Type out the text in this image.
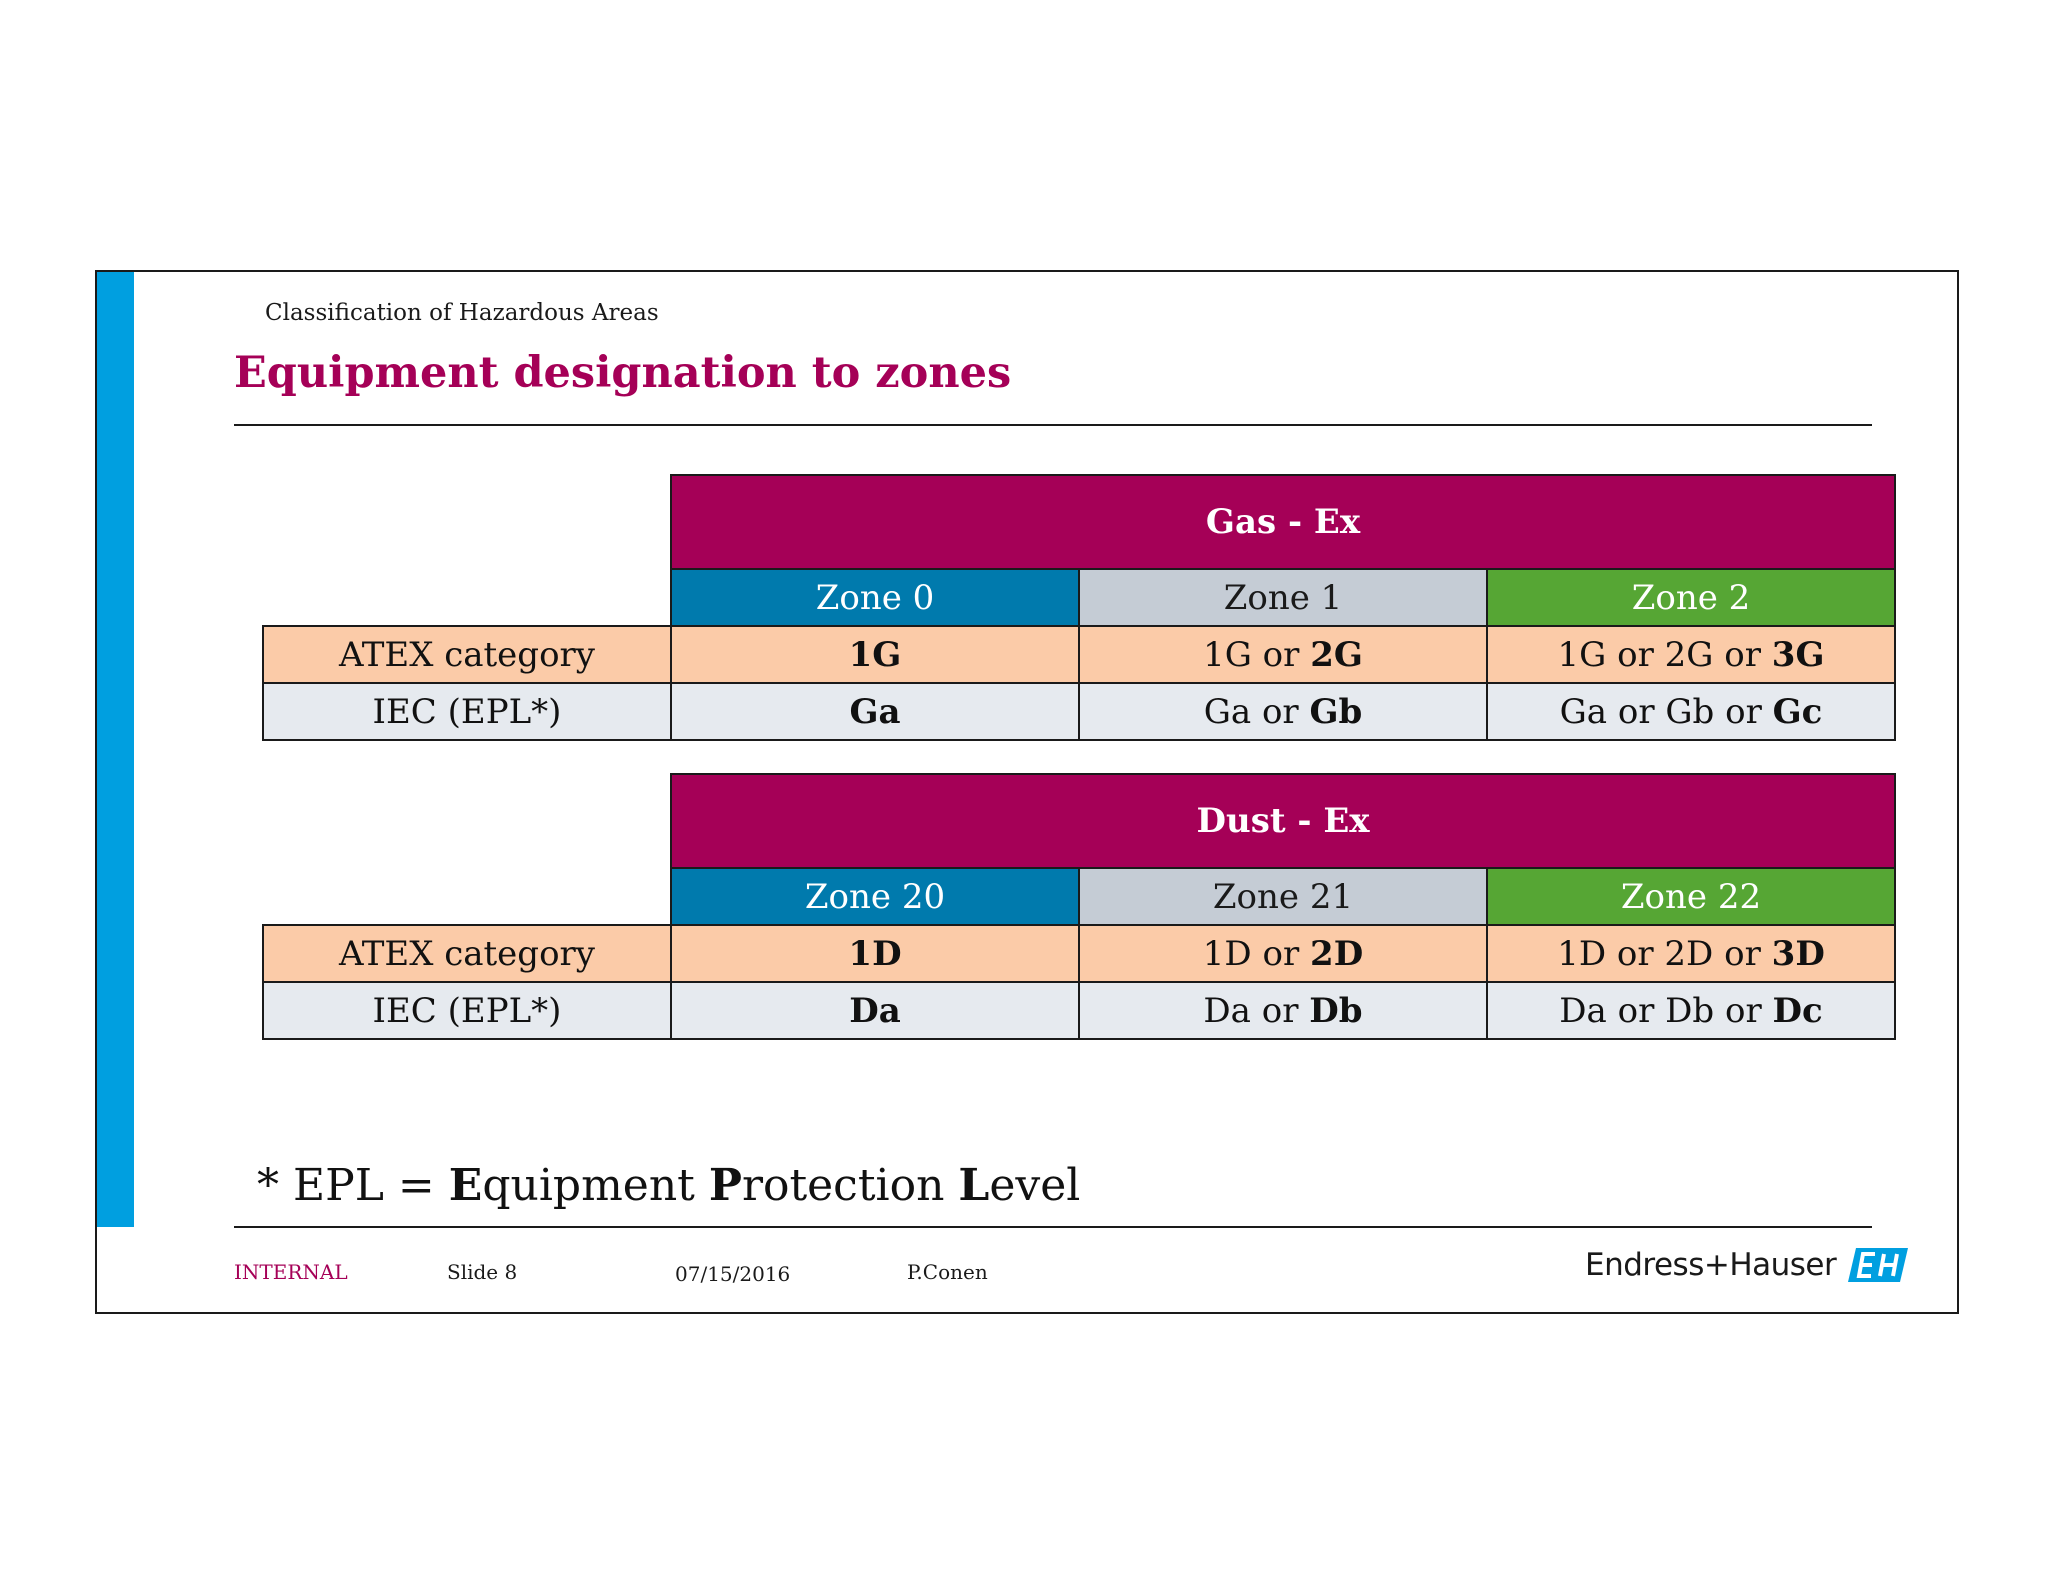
Classification of Hazardous Areas
Equipment designation to zones
	Gas - Ex		
	Zone 0	Zone 1	Zone 2
ATEX category	1G	1G or 2G	1G or 2G or 3G
IEC (EPL*)	Ga	Ga or Gb	Ga or Gb or Gc
	Dust - Ex		
	Zone 20	Zone 21	Zone 22
ATEX category	1D	1D or 2D	1D or 2D or 3D
IEC (EPL*)	Da	Da or Db	Da or Db or Dc
* EPL = Equipment Protection Level
INTERNAL	Slide 8	07/15/2016	P.Conen	Endress+Hauser
